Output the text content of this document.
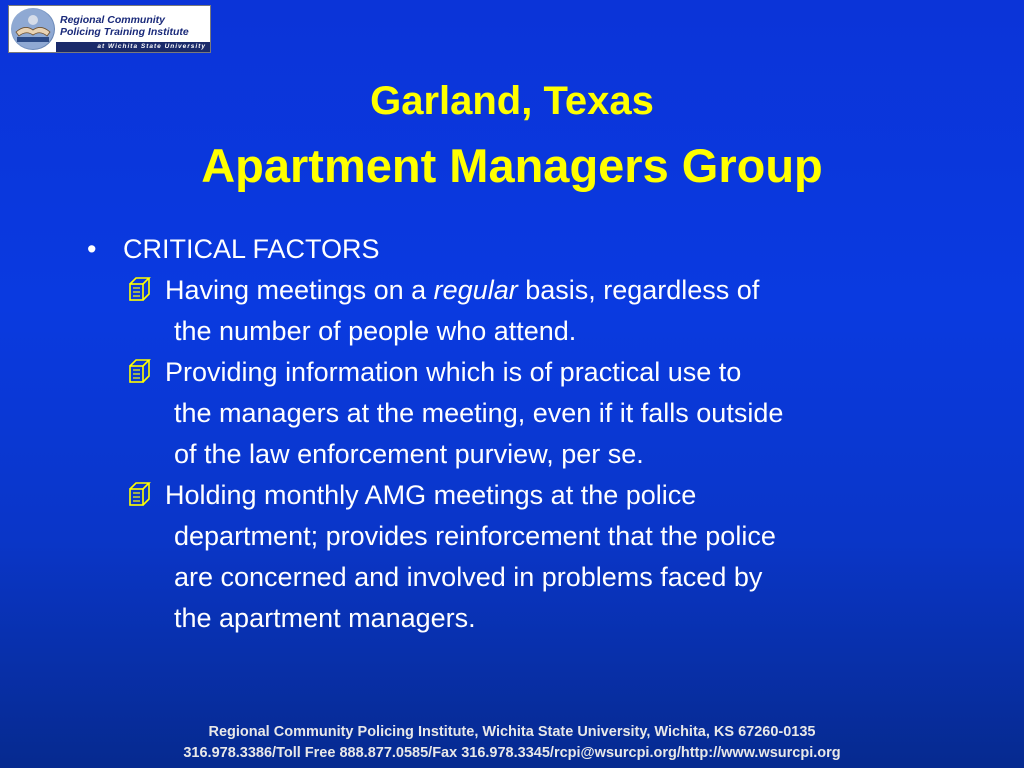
Regional Community
Policing Training Institute
at Wichita State University
Garland, Texas
Apartment Managers Group
• CRITICAL FACTORS
Having meetings on a regular basis, regardless of
the number of people who attend.
Providing information which is of practical use to
the managers at the meeting, even if it falls outside
of the law enforcement purview, per se.
Holding monthly AMG meetings at the police
department; provides reinforcement that the police
are concerned and involved in problems faced by
the apartment managers.
Regional Community Policing Institute, Wichita State University, Wichita, KS 67260-0135
316.978.3386/Toll Free 888.877.0585/Fax 316.978.3345/rcpi@wsurcpi.org/http://www.wsurcpi.org
